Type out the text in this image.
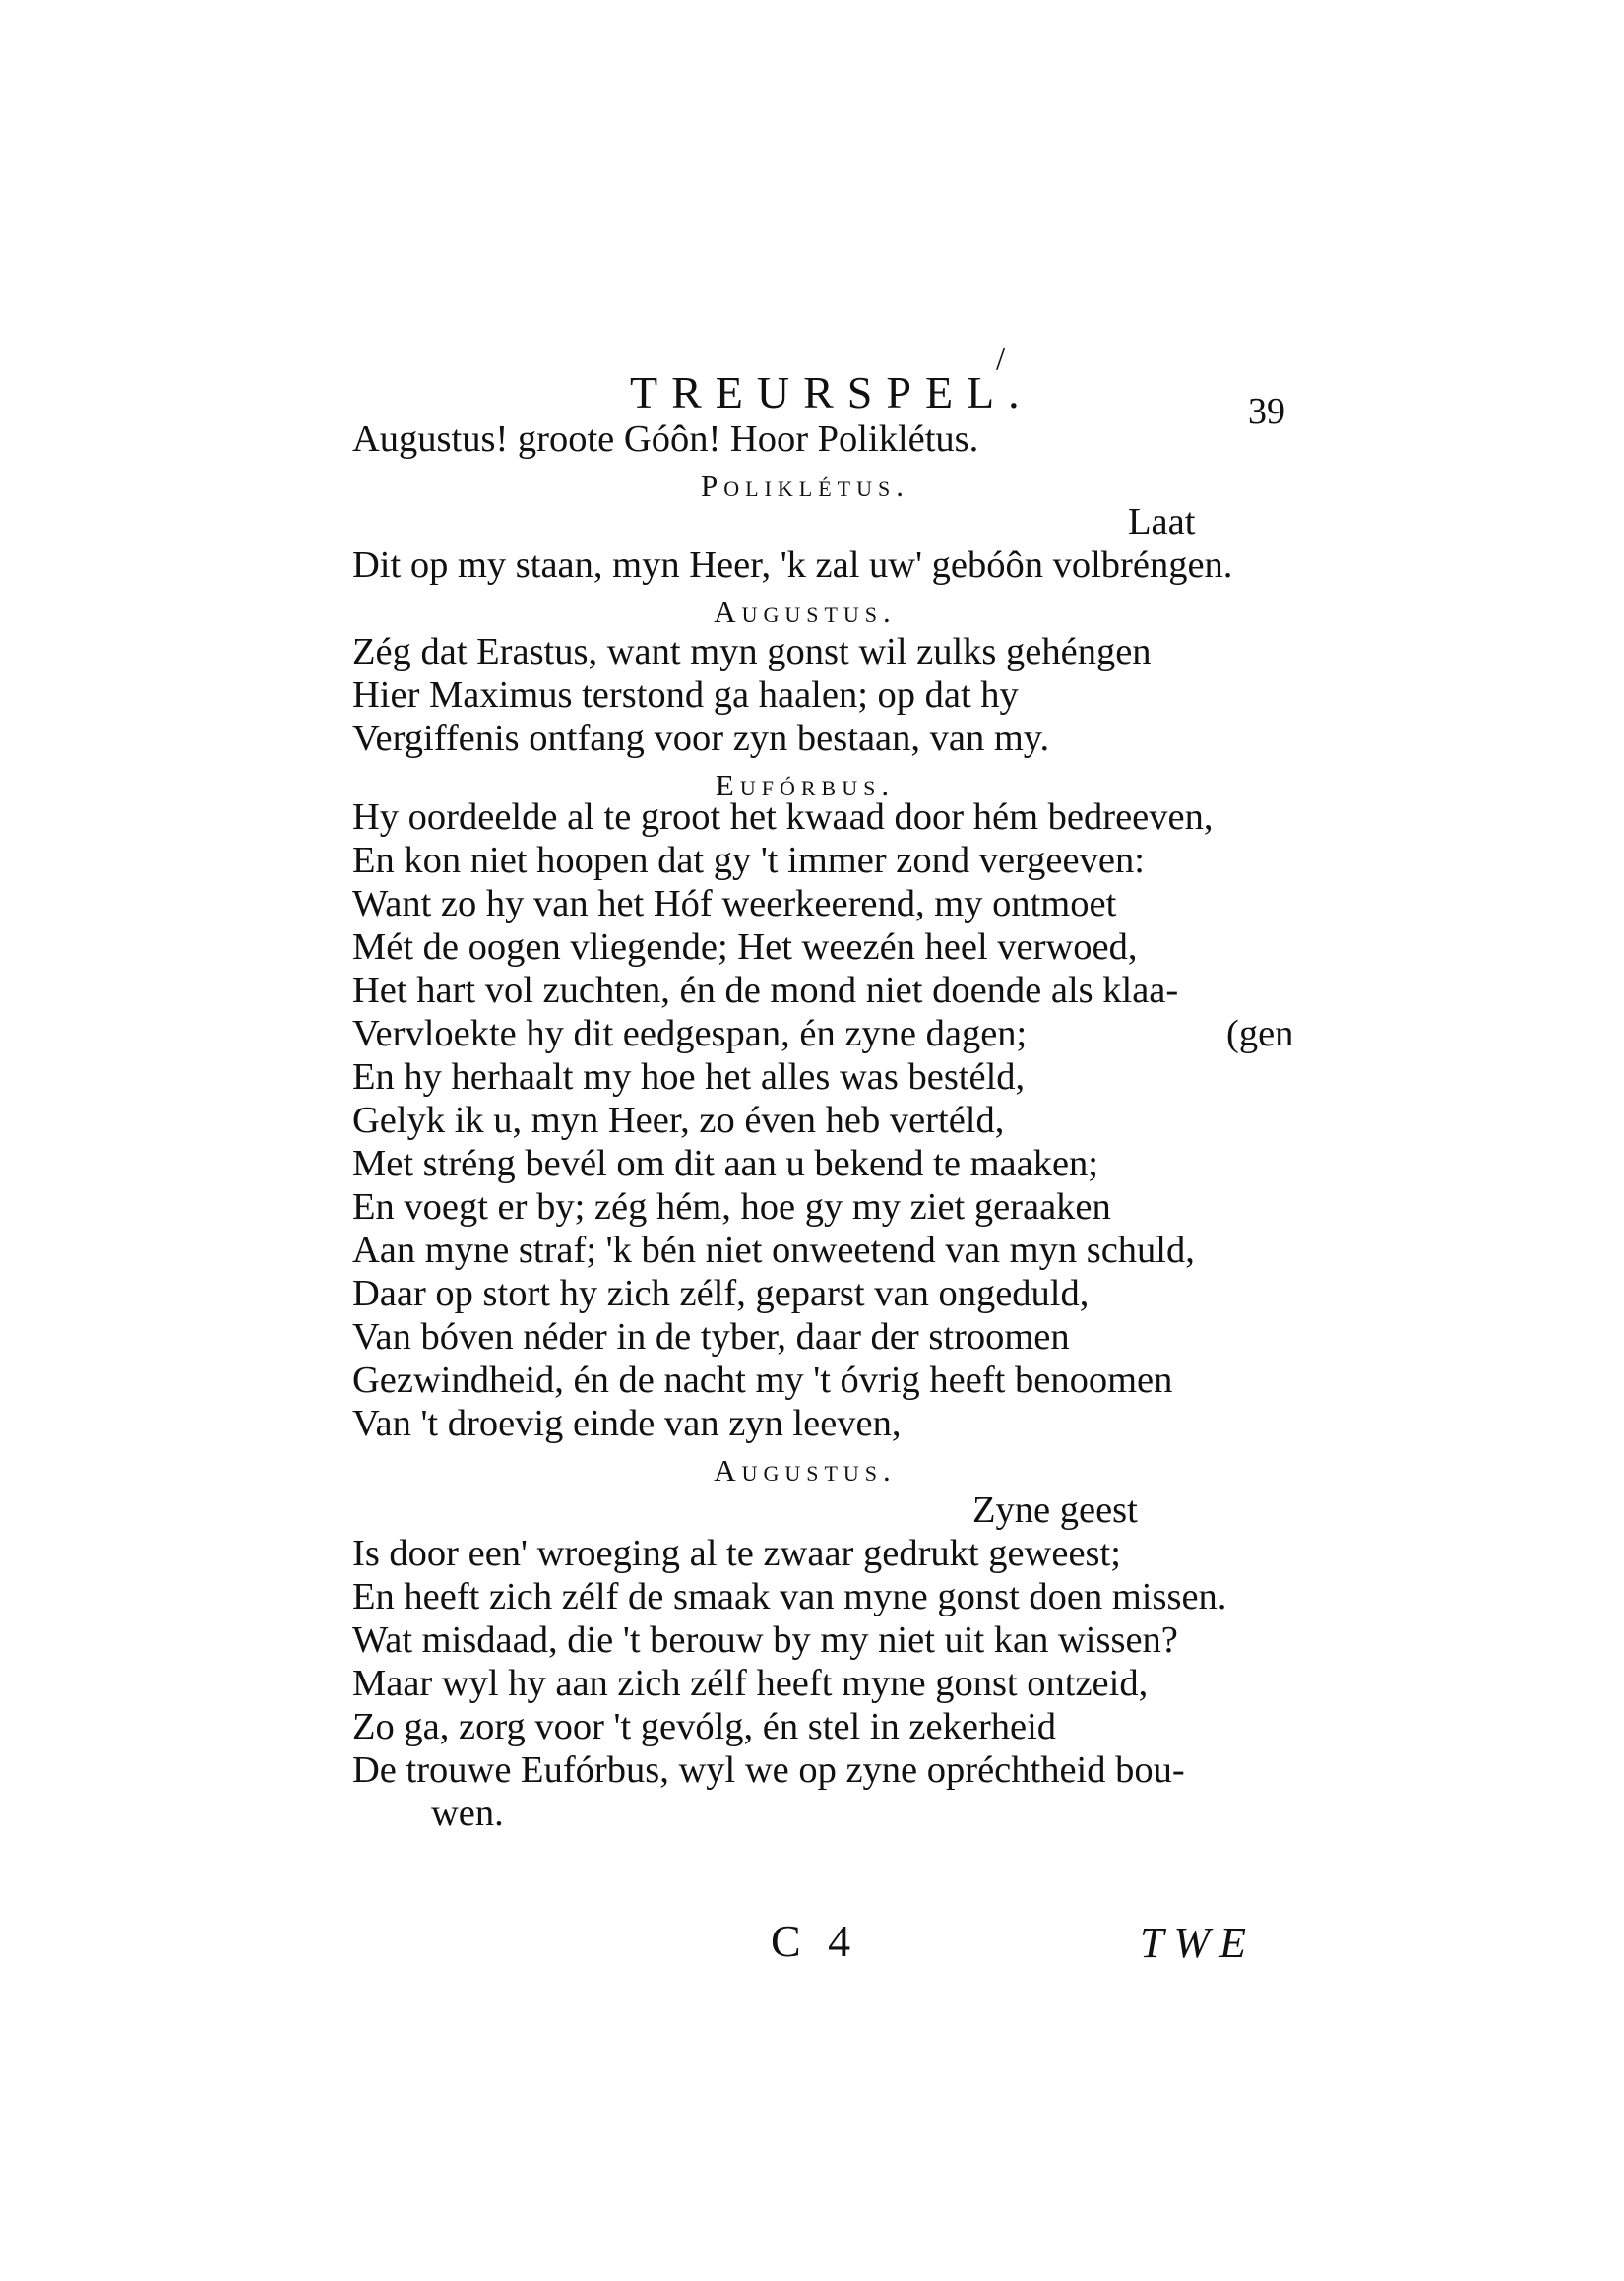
/
TREURSPEL.	39
Augustus! groote Góôn! Hoor Poliklétus.
Poliklétus.
Laat
Dit op my staan, myn Heer, 'k zal uw' gebóôn volbréngen.
Augustus.
Zég dat Erastus, want myn gonst wil zulks gehéngen
Hier Maximus terstond ga haalen; op dat hy
Vergiffenis ontfang voor zyn bestaan, van my.
Eufórbus.
Hy oordeelde al te groot het kwaad door hém bedreeven,
En kon niet hoopen dat gy 't immer zond vergeeven:
Want zo hy van het Hóf weerkeerend, my ontmoet
Mét de oogen vliegende; Het weezén heel verwoed,
Het hart vol zuchten, én de mond niet doende als klaa-
Vervloekte hy dit eedgespan, én zyne dagen;	(gen
En hy herhaalt my hoe het alles was bestéld,
Gelyk ik u, myn Heer, zo éven heb vertéld,
Met stréng bevél om dit aan u bekend te maaken;
En voegt er by; zég hém, hoe gy my ziet geraaken
Aan myne straf; 'k bén niet onweetend van myn schuld,
Daar op stort hy zich zélf, geparst van ongeduld,
Van bóven néder in de tyber, daar der stroomen
Gezwindheid, én de nacht my 't óvrig heeft benoomen
Van 't droevig einde van zyn leeven,
Augustus.
Zyne geest
Is door een' wroeging al te zwaar gedrukt geweest;
En heeft zich zélf de smaak van myne gonst doen missen.
Wat misdaad, die 't berouw by my niet uit kan wissen?
Maar wyl hy aan zich zélf heeft myne gonst ontzeid,
Zo ga, zorg voor 't gevólg, én stel in zekerheid
De trouwe Eufórbus, wyl we op zyne opréchtheid bou-
wen.
C 4	TWE
